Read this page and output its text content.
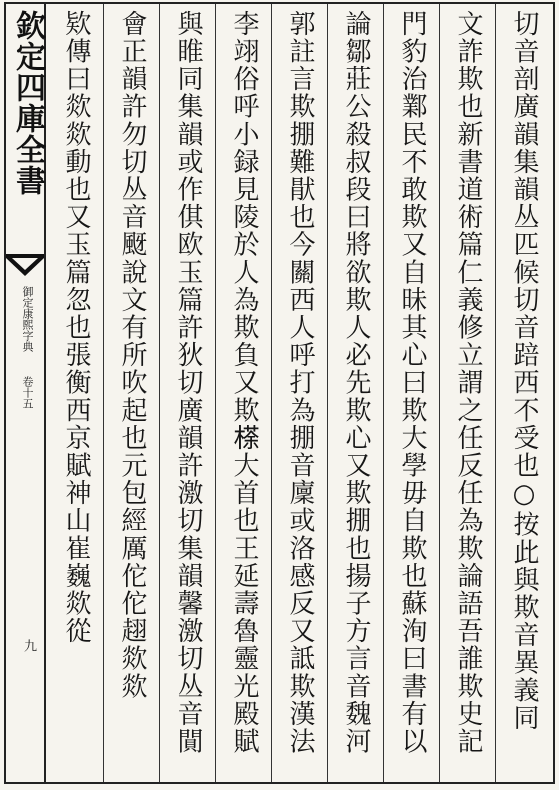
欽定四庫全書
御定康熙字典
卷十五
九	切音剖廣韻集韻丛匹候切音踣西不受也○按此與欺音異義同
文詐欺也新書道術篇仁義修立謂之任反任為欺論語吾誰欺史記
門豹治鄴民不敢欺又自昧其心曰欺大學毋自欺也蘇洵曰書有以
論鄒莊公殺叔段曰將欲欺人必先欺心又欺掤也揚子方言音魏河
郭註言欺掤難猒也今關西人呼打為掤音廩或洛感反又詆欺漢法
李翊俗呼小録見陵於人為欺負又欺𣘻大首也王延壽魯靈光殿賦
與睢同集韻或作倛欧玉篇許狄切廣韻許激切集韻馨激切丛音閴
會正韻許勿切丛音颬說文有所吹起也元包經厲佗佗趐欻欻
欵傳曰欻欻動也又玉篇忽也張衡西京賦神山崔巍欻從
